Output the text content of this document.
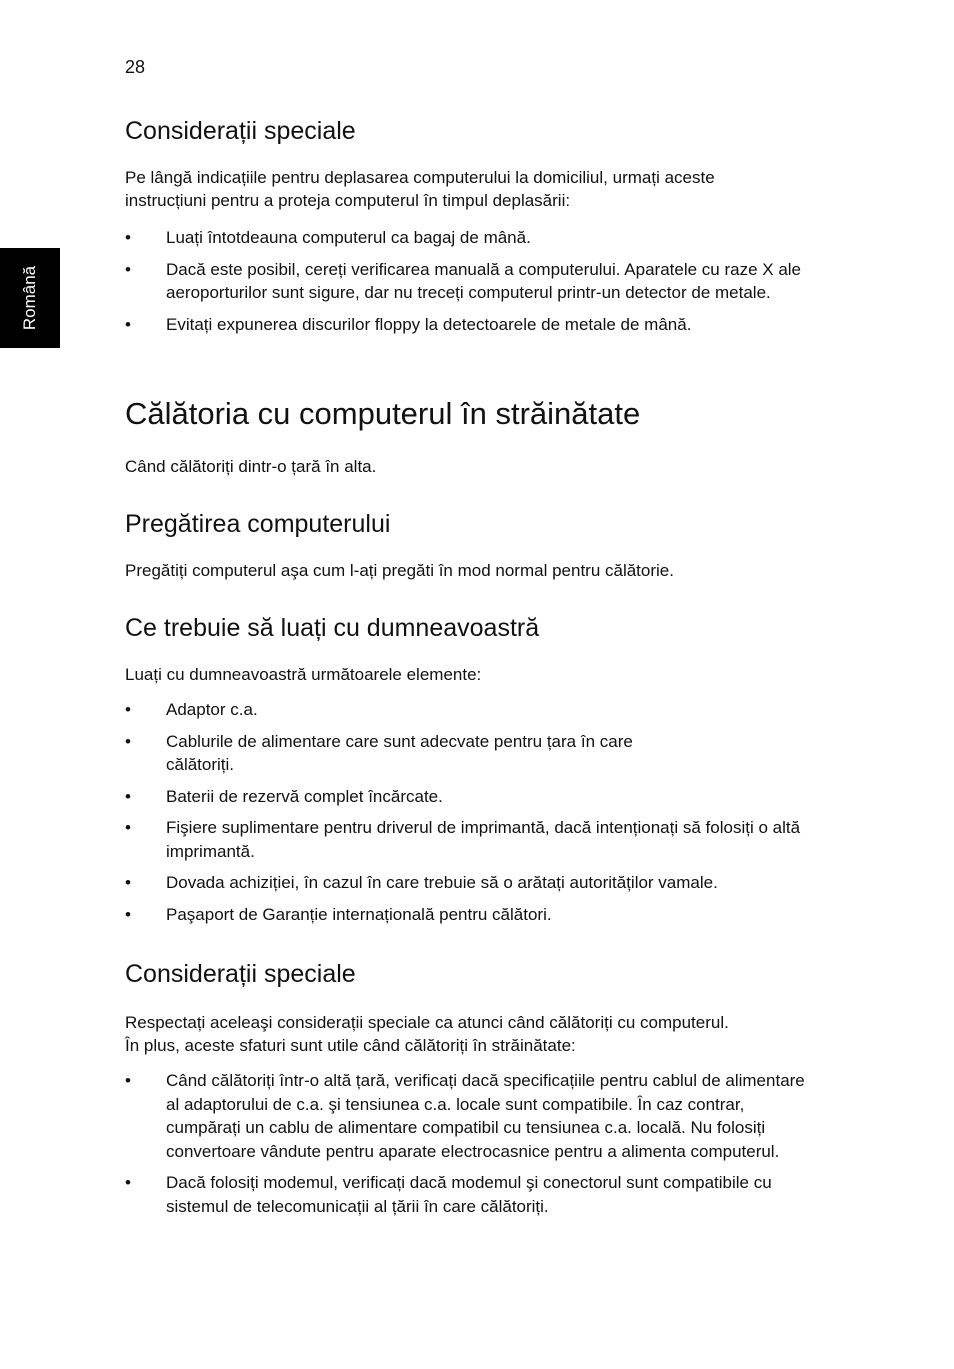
28
Română
Considerații speciale

Pe lângă indicațiile pentru deplasarea computerului la domiciliul, urmați aceste instrucțiuni pentru a proteja computerul în timpul deplasării:

• Luați întotdeauna computerul ca bagaj de mână.
• Dacă este posibil, cereți verificarea manuală a computerului. Aparatele cu raze X ale aeroporturilor sunt sigure, dar nu treceți computerul printr-un detector de metale.
• Evitați expunerea discurilor floppy la detectoarele de metale de mână.
Călătoria cu computerul în străinătate

Când călătoriți dintr-o țară în alta.

Pregătirea computerului

Pregătiți computerul aşa cum l-ați pregăti în mod normal pentru călătorie.

Ce trebuie să luați cu dumneavoastră

Luați cu dumneavoastră următoarele elemente:

• Adaptor c.a.
• Cablurile de alimentare care sunt adecvate pentru țara în care călătoriți.
• Baterii de rezervă complet încărcate.
• Fişiere suplimentare pentru driverul de imprimantă, dacă intenționați să folosiți o altă imprimantă.
• Dovada achiziției, în cazul în care trebuie să o arătați autorităților vamale.
• Paşaport de Garanție internațională pentru călători.
Considerații speciale

Respectați aceleaşi considerații speciale ca atunci când călătoriți cu computerul.

În plus, aceste sfaturi sunt utile când călătoriți în străinătate:

• Când călătoriți într-o altă țară, verificați dacă specificațiile pentru cablul de alimentare al adaptorului de c.a. şi tensiunea c.a. locale sunt compatibile. În caz contrar, cumpărați un cablu de alimentare compatibil cu tensiunea c.a. locală. Nu folosiți convertoare vândute pentru aparate electrocasnice pentru a alimenta computerul.
• Dacă folosiți modemul, verificați dacă modemul şi conectorul sunt compatibile cu sistemul de telecomunicații al țării în care călătoriți.
